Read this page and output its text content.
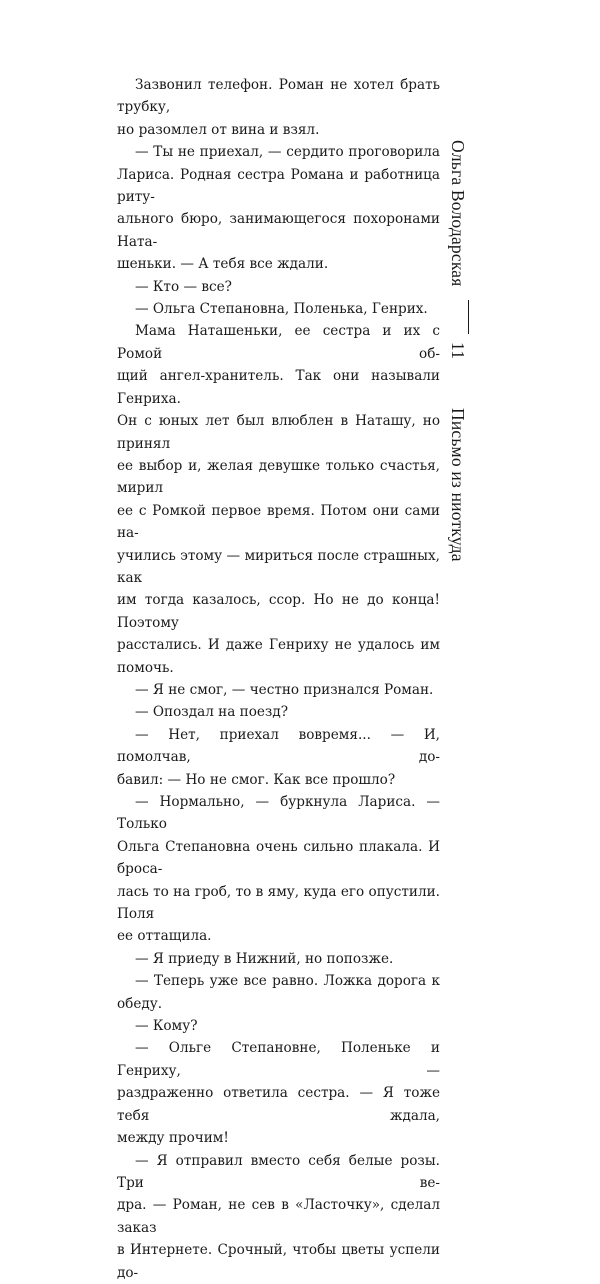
Зазвонил телефон. Роман не хотел брать трубку,

но разомлел от вина и взял.

— Ты не приехал, — сердито проговорила

Лариса. Родная сестра Романа и работница риту-

ального бюро, занимающегося похоронами Ната-

шеньки. — А тебя все ждали.

— Кто — все?

— Ольга Степановна, Поленька, Генрих.

Мама Наташеньки, ее сестра и их с Ромой об-

щий ангел-хранитель. Так они называли Генриха.

Он с юных лет был влюблен в Наташу, но принял

ее выбор и, желая девушке только счастья, мирил

ее с Ромкой первое время. Потом они сами на-

учились этому — мириться после страшных, как

им тогда казалось, ссор. Но не до конца! Поэтому

расстались. И даже Генриху не удалось им помочь.

— Я не смог, — честно признался Роман.

— Опоздал на поезд?

— Нет, приехал вовремя... — И, помолчав, до-

бавил: — Но не смог. Как все прошло?

— Нормально, — буркнула Лариса. — Только

Ольга Степановна очень сильно плакала. И броса-

лась то на гроб, то в яму, куда его опустили. Поля

ее оттащила.

— Я приеду в Нижний, но попозже.

— Теперь уже все равно. Ложка дорога к обеду.

— Кому?

— Ольге Степановне, Поленьке и Генриху, —

раздраженно ответила сестра. — Я тоже тебя ждала,

между прочим!

— Я отправил вместо себя белые розы. Три ве-

дра. — Роман, не сев в «Ласточку», сделал заказ

в Интернете. Срочный, чтобы цветы успели до-

Ольга Володарская
11
Письмо из ниоткуда
